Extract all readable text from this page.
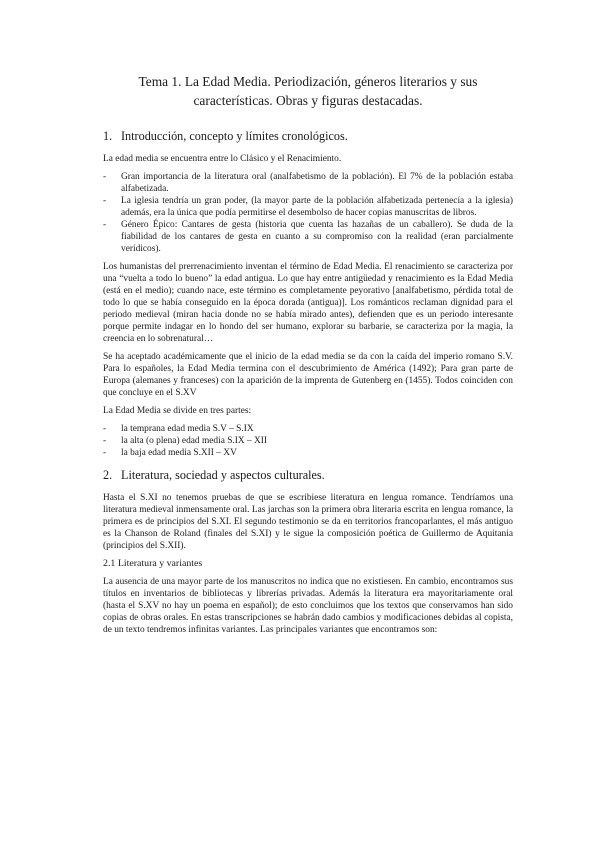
Tema 1. La Edad Media. Periodización, géneros literarios y sus características. Obras y figuras destacadas.
1. Introducción, concepto y límites cronológicos.

La edad media se encuentra entre lo Clásico y el Renacimiento.

-	Gran importancia de la literatura oral (analfabetismo de la población). El 7% de la población estaba alfabetizada.
-	La iglesia tendría un gran poder, (la mayor parte de la población alfabetizada pertenecía a la iglesia) además, era la única que podía permitirse el desembolso de hacer copias manuscritas de libros.
-	Género Épico: Cantares de gesta (historia que cuenta las hazañas de un caballero). Se duda de la fiabilidad de los cantares de gesta en cuanto a su compromiso con la realidad (eran parcialmente verídicos).

Los humanistas del prerrenacimiento inventan el término de Edad Media. El renacimiento se caracteriza por una “vuelta a todo lo bueno” la edad antigua. Lo que hay entre antigüedad y renacimiento es la Edad Media (está en el medio); cuando nace, este término es completamente peyorativo [analfabetismo, pérdida total de todo lo que se había conseguido en la época dorada (antigua)]. Los románticos reclaman dignidad para el periodo medieval (miran hacia donde no se había mirado antes), defienden que es un periodo interesante porque permite indagar en lo hondo del ser humano, explorar su barbarie, se caracteriza por la magia, la creencia en lo sobrenatural…

Se ha aceptado académicamente que el inicio de la edad media se da con la caída del imperio romano S.V. Para lo españoles, la Edad Media termina con el descubrimiento de América (1492); Para gran parte de Europa (alemanes y franceses) con la aparición de la imprenta de Gutenberg en (1455). Todos coinciden con que concluye en el S.XV

La Edad Media se divide en tres partes:

-	la temprana edad media S.V – S.IX
-	la alta (o plena) edad media S.IX – XII
-	la baja edad media S.XII – XV
2. Literatura, sociedad y aspectos culturales.

Hasta el S.XI no tenemos pruebas de que se escribiese literatura en lengua romance. Tendríamos una literatura medieval inmensamente oral. Las jarchas son la primera obra literaria escrita en lengua romance, la primera es de principios del S.XI. El segundo testimonio se da en territorios francoparlantes, el más antiguo es la Chanson de Roland (finales del S.XI) y le sigue la composición poética de Guillermo de Aquitania (principios del S.XII).

2.1 Literatura y variantes

La ausencia de una mayor parte de los manuscritos no indica que no existiesen. En cambio, encontramos sus títulos en inventarios de bibliotecas y librerías privadas. Además la literatura era mayoritariamente oral (hasta el S.XV no hay un poema en español); de esto concluimos que los textos que conservamos han sido copias de obras orales. En estas transcripciones se habrán dado cambios y modificaciones debidas al copista, de un texto tendremos infinitas variantes. Las principales variantes que encontramos son:
